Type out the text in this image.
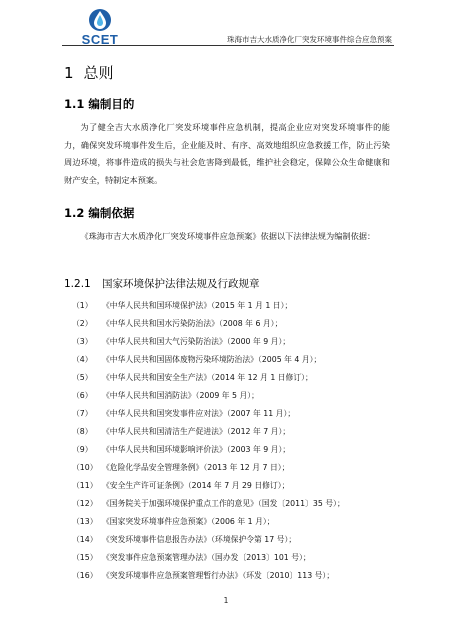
SCET	珠海市吉大水质净化厂突发环境事件综合应急预案
1 总则
1.1 编制目的
为了健全吉大水质净化厂突发环境事件应急机制，提高企业应对突发环境事件的能力，确保突发环境事件发生后，企业能及时、有序、高效地组织应急救援工作，防止污染周边环境，将事件造成的损失与社会危害降到最低，维护社会稳定，保障公众生命健康和财产安全，特制定本预案。
1.2 编制依据
《珠海市吉大水质净化厂突发环境事件应急预案》依据以下法律法规为编制依据：
1.2.1 国家环境保护法律法规及行政规章
（1） 《中华人民共和国环境保护法》（2015 年 1 月 1 日）；
（2） 《中华人民共和国水污染防治法》（2008 年 6 月）；
（3） 《中华人民共和国大气污染防治法》（2000 年 9 月）；
（4） 《中华人民共和国固体废物污染环境防治法》（2005 年 4 月）；
（5） 《中华人民共和国安全生产法》（2014 年 12 月 1 日修订）；
（6） 《中华人民共和国消防法》（2009 年 5 月）；
（7） 《中华人民共和国突发事件应对法》（2007 年 11 月）；
（8） 《中华人民共和国清洁生产促进法》（2012 年 7 月）；
（9） 《中华人民共和国环境影响评价法》（2003 年 9 月）；
（10） 《危险化学品安全管理条例》（2013 年 12 月 7 日）；
（11） 《安全生产许可证条例》（2014 年 7 月 29 日修订）；
（12） 《国务院关于加强环境保护重点工作的意见》（国发〔2011〕35 号）；
（13） 《国家突发环境事件应急预案》（2006 年 1 月）；
（14） 《突发环境事件信息报告办法》（环境保护令第 17 号）；
（15） 《突发事件应急预案管理办法》（国办发〔2013〕101 号）；
（16） 《突发环境事件应急预案管理暂行办法》（环发〔2010〕113 号）；
1
